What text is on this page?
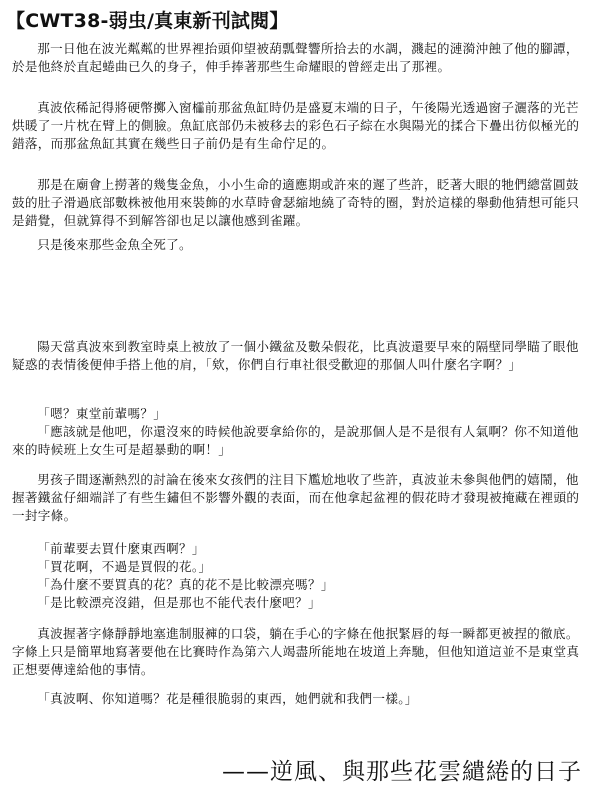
【CWT38-弱虫/真東新刊試閱】

那一日他在波光粼粼的世界裡抬頭仰望被葫瓢聲響所拾去的水調，濺起的漣漪沖蝕了他的腳譚，於是他終於直起蜷曲已久的身子，伸手捧著那些生命耀眼的曾經走出了那裡。

真波依稀記得將硬幣擲入窗櫺前那盆魚缸時仍是盛夏末端的日子，午後陽光透過窗子灑落的光芒烘暖了一片枕在臂上的側臉。魚缸底部仍未被移去的彩色石子綜在水與陽光的揉合下疊出彷似極光的錯落，而那盆魚缸其實在幾些日子前仍是有生命佇足的。

那是在廟會上撈著的幾隻金魚，小小生命的適應期或許來的遲了些許，眨著大眼的牠們總當圓鼓鼓的肚子滑過底部數株被他用來裝飾的水草時會瑟縮地繞了奇特的圈，對於這樣的舉動他猜想可能只是錯覺，但就算得不到解答卻也足以讓他感到雀躍。

只是後來那些金魚全死了。

陽天當真波來到教室時桌上被放了一個小鐵盆及數朵假花，比真波還要早來的隔壁同學瞄了眼他疑惑的表情後便伸手搭上他的肩，「欸，你們自行車社很受歡迎的那個人叫什麼名字啊？」

「嗯？東堂前輩嗎？」
「應該就是他吧，你還沒來的時候他說要拿給你的，是說那個人是不是很有人氣啊？你不知道他來的時候班上女生可是超暴動的啊！」

男孩子間逐漸熱烈的討論在後來女孩們的注目下尷尬地收了些許，真波並未參與他們的嬉鬧，他握著鐵盆仔細端詳了有些生鏽但不影響外觀的表面，而在他拿起盆裡的假花時才發現被掩藏在裡頭的一封字條。

「前輩要去買什麼東西啊？」
「買花啊，不過是買假的花。」
「為什麼不要買真的花？真的花不是比較漂亮嗎？」
「是比較漂亮沒錯，但是那也不能代表什麼吧？」

真波握著字條靜靜地塞進制服褲的口袋，躺在手心的字條在他抿緊唇的每一瞬都更被捏的徹底。字條上只是簡單地寫著要他在比賽時作為第六人竭盡所能地在坡道上奔馳，但他知道這並不是東堂真正想要傳達給他的事情。

「真波啊、你知道嗎？花是種很脆弱的東西，她們就和我們一樣。」
——逆風、與那些花雲繾綣的日子
